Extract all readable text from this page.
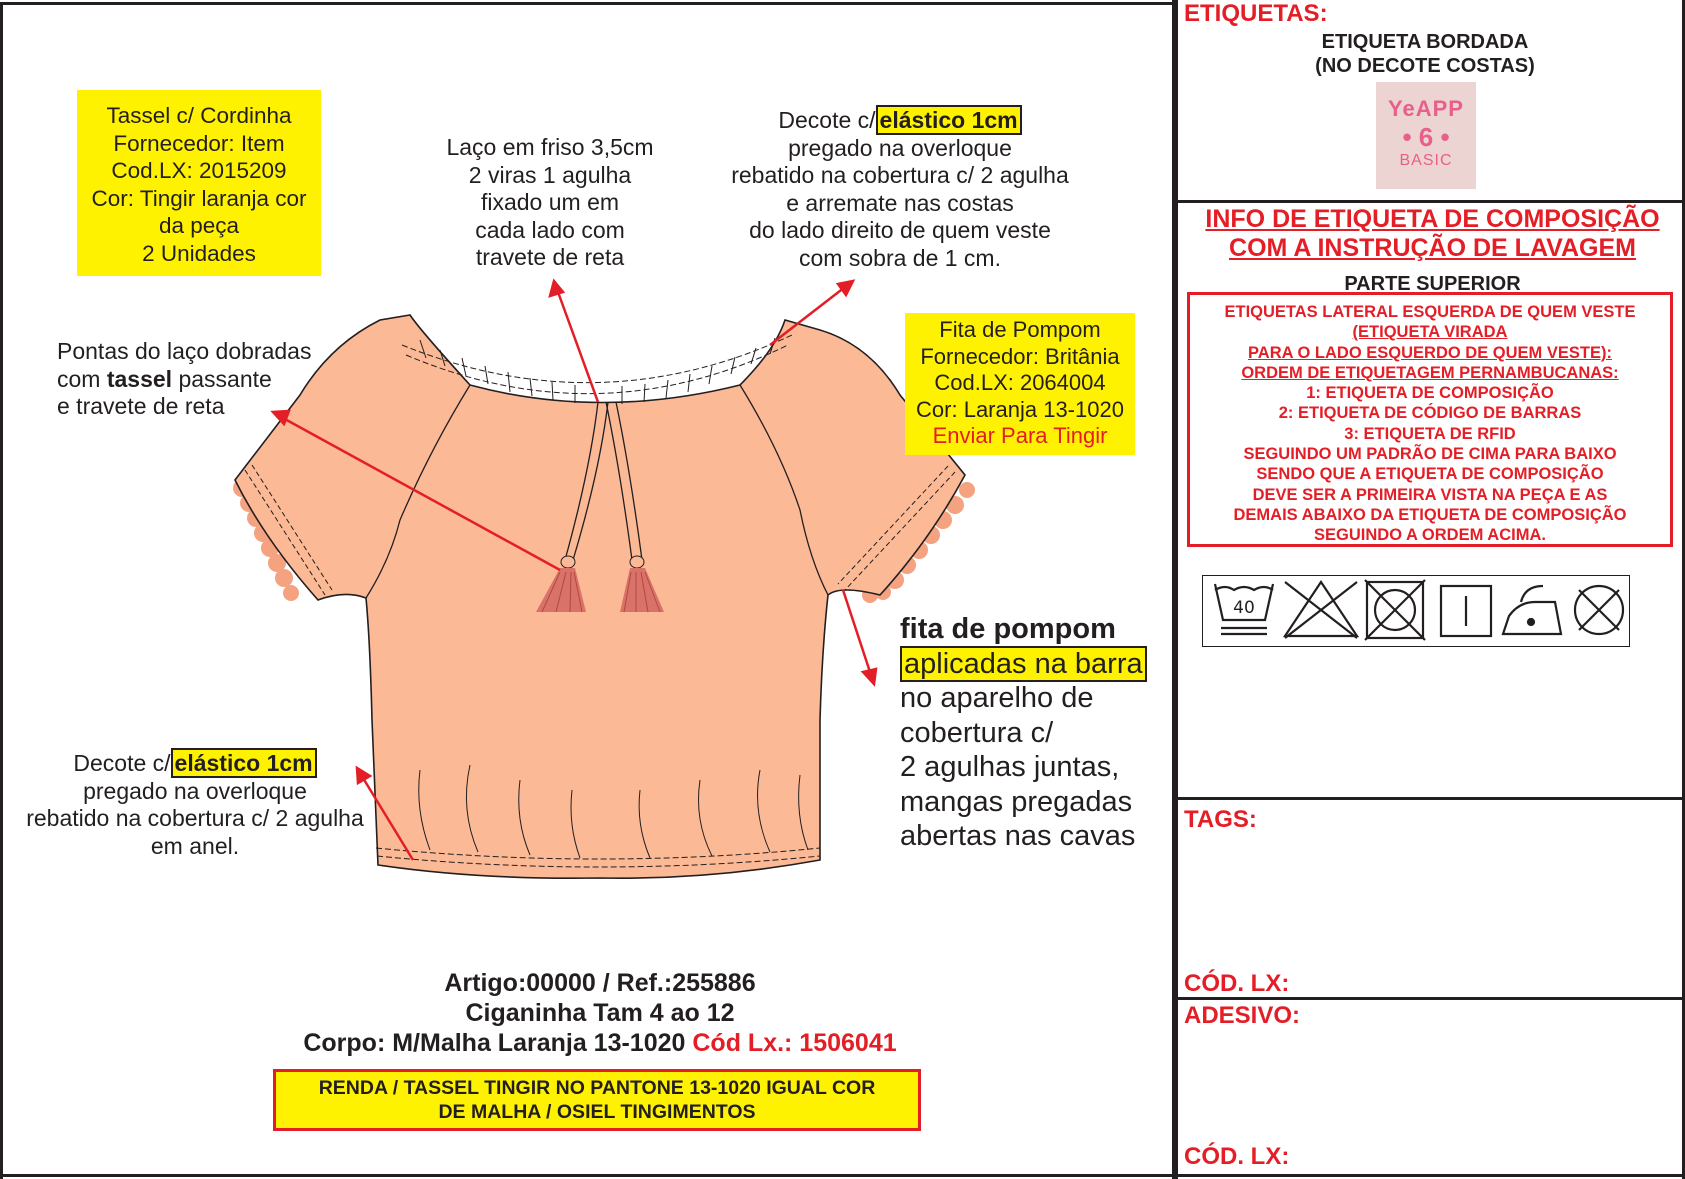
Tassel c/ Cordinha
Fornecedor: Item
Cod.LX: 2015209
Cor: Tingir laranja cor
da peça
2 Unidades
Laço em friso 3,5cm
2 viras 1 agulha
fixado um em
cada lado com
travete de reta
Decote c/ elástico 1cm
pregado na overloque
rebatido na cobertura c/ 2 agulha
e arremate nas costas
do lado direito de quem veste
com sobra de 1 cm.
Pontas do laço dobradas
com tassel passante
e travete de reta
Fita de Pompom
Fornecedor: Britânia
Cod.LX: 2064004
Cor: Laranja 13-1020
Enviar Para Tingir
Decote c/ elástico 1cm
pregado na overloque
rebatido na cobertura c/ 2 agulha
em anel.
fita de pompom
aplicadas na barra
no aparelho de
cobertura c/
2 agulhas juntas,
mangas pregadas
abertas nas cavas
Artigo:00000 / Ref.:255886
Ciganinha Tam 4 ao 12
Corpo: M/Malha Laranja 13-1020 Cód Lx.: 1506041
RENDA / TASSEL TINGIR NO PANTONE 13-1020 IGUAL COR
DE MALHA / OSIEL TINGIMENTOS
ETIQUETAS:
ETIQUETA BORDADA
(NO DECOTE COSTAS)
YeAPP
• 6 •
BASIC
INFO DE ETIQUETA DE COMPOSIÇÃO
COM A INSTRUÇÃO DE LAVAGEM
PARTE SUPERIOR
ETIQUETAS LATERAL ESQUERDA DE QUEM VESTE
(ETIQUETA VIRADA
PARA O LADO ESQUERDO DE QUEM VESTE):
ORDEM DE ETIQUETAGEM PERNAMBUCANAS:
1: ETIQUETA DE COMPOSIÇÃO
2: ETIQUETA DE CÓDIGO DE BARRAS
3: ETIQUETA DE RFID
SEGUINDO UM PADRÃO DE CIMA PARA BAIXO
SENDO QUE A ETIQUETA DE COMPOSIÇÃO
DEVE SER A PRIMEIRA VISTA NA PEÇA E AS
DEMAIS ABAIXO DA ETIQUETA DE COMPOSIÇÃO
SEGUINDO A ORDEM ACIMA.
40
TAGS:
CÓD. LX:
ADESIVO:
CÓD. LX:
